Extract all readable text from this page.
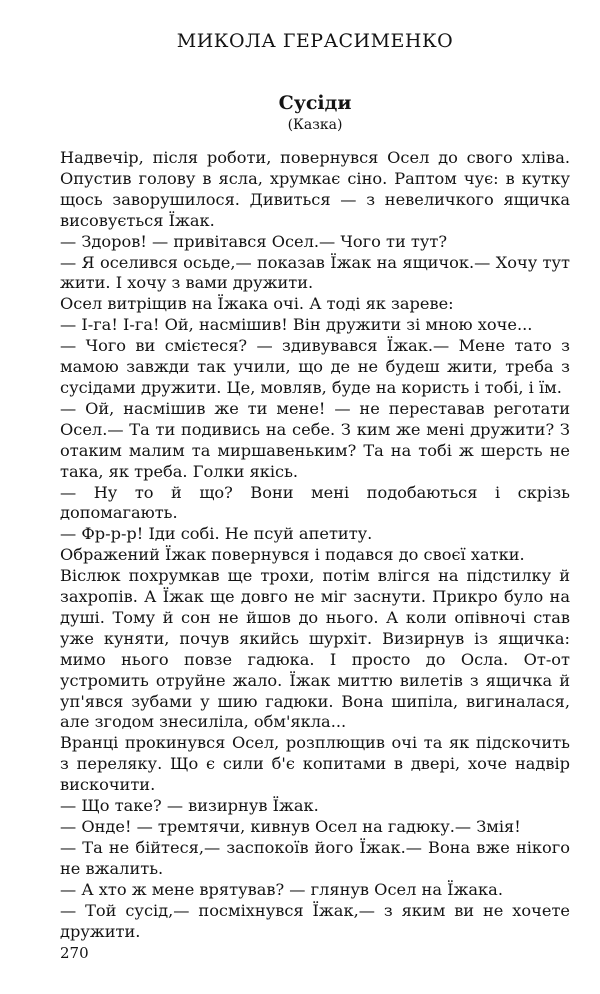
МИКОЛА ГЕРАСИМЕНКО
Сусіди
(Казка)

Надвечір, після роботи, повернувся Осел до свого хліва. Опустив голову в ясла, хрумкає сіно. Раптом чує: в кутку щось заворушилося. Дивиться — з невеличкого ящичка висовується Їжак.

— Здоров! — привітався Осел.— Чого ти тут?

— Я оселився осьде,— показав Їжак на ящичок.— Хочу тут жити. І хочу з вами дружити.

Осел витріщив на Їжака очі. А тоді як зареве:

— І-га! І-га! Ой, насмішив! Він дружити зі мною хоче...

— Чого ви смієтеся? — здивувався Їжак.— Мене тато з мамою завжди так учили, що де не будеш жити, треба з сусідами дружити. Це, мовляв, буде на користь і тобі, і їм.

— Ой, насмішив же ти мене! — не переставав реготати Осел.— Та ти подивись на себе. З ким же мені дружити? З отаким малим та миршавеньким? Та на тобі ж шерсть не така, як треба. Голки якісь.

— Ну то й що? Вони мені подобаються і скрізь допомагають.

— Фр-р-р! Іди собі. Не псуй апетиту.

Ображений Їжак повернувся і подався до своєї хатки.

Віслюк похрумкав ще трохи, потім влігся на підстилку й захропів. А Їжак ще довго не міг заснути. Прикро було на душі. Тому й сон не йшов до нього. А коли опівночі став уже куняти, почув якийсь шурхіт. Визирнув із ящичка: мимо нього повзе гадюка. І просто до Осла. От-от устромить отруйне жало. Їжак миттю вилетів з ящичка й уп'явся зубами у шию гадюки. Вона шипіла, вигиналася, але згодом знесиліла, обм'якла...

Вранці прокинувся Осел, розплющив очі та як підскочить з переляку. Що є сили б'є копитами в двері, хоче надвір вискочити.

— Що таке? — визирнув Їжак.

— Онде! — тремтячи, кивнув Осел на гадюку.— Змія!

— Та не бійтеся,— заспокоїв його Їжак.— Вона вже нікого не вжалить.

— А хто ж мене врятував? — глянув Осел на Їжака.

— Той сусід,— посміхнувся Їжак,— з яким ви не хочете дружити.

270
